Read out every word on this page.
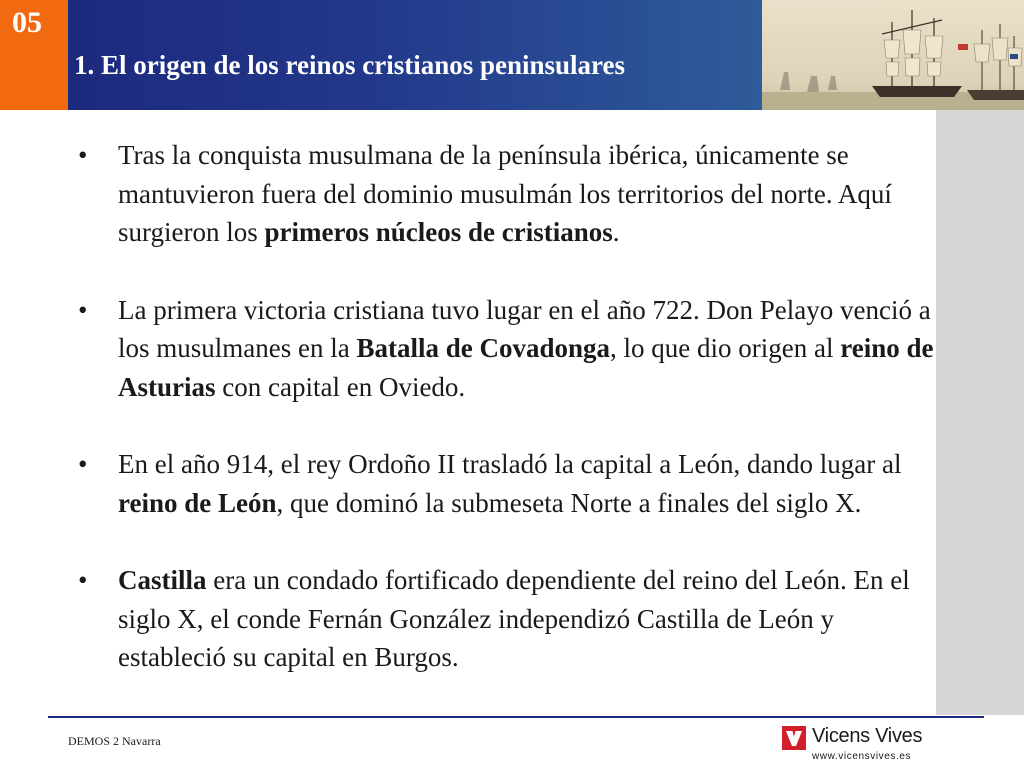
05
1. El origen de los reinos cristianos peninsulares
• Tras la conquista musulmana de la península ibérica, únicamente se mantuvieron fuera del dominio musulmán los territorios del norte. Aquí surgieron los primeros núcleos de cristianos.
• La primera victoria cristiana tuvo lugar en el año 722. Don Pelayo venció a los musulmanes en la Batalla de Covadonga, lo que dio origen al reino de Asturias con capital en Oviedo.
• En el año 914, el rey Ordoño II trasladó la capital a León, dando lugar al reino de León, que dominó la submeseta Norte a finales del siglo X.
• Castilla era un condado fortificado dependiente del reino del León. En el siglo X, el conde Fernán González independizó Castilla de León y estableció su capital en Burgos.
DEMOS 2 Navarra	Vicens Vives
www.vicensvives.es
